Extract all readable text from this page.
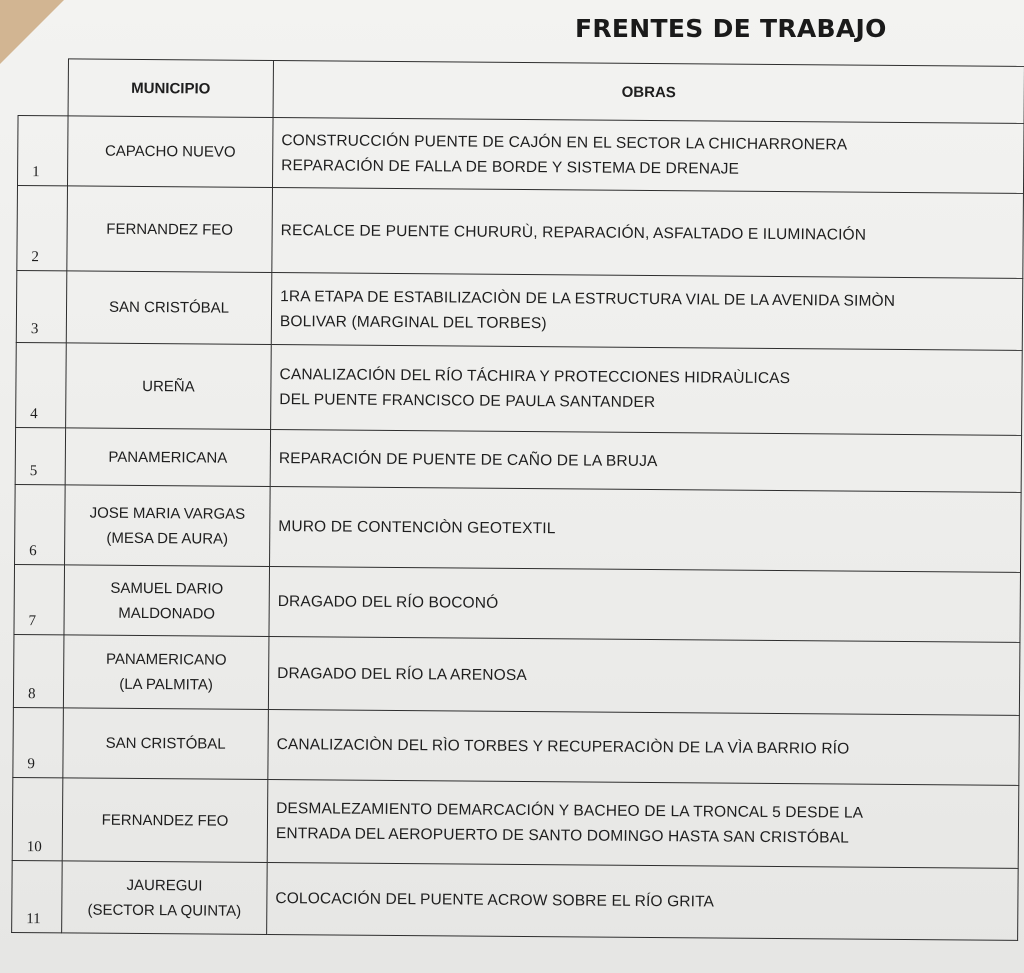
FRENTES DE TRABAJO
	MUNICIPIO	OBRAS

1	CAPACHO NUEVO	CONSTRUCCIÓN PUENTE DE CAJÓN EN EL SECTOR LA CHICHARRONERA
REPARACIÓN DE FALLA DE BORDE Y SISTEMA DE DRENAJE

2	FERNANDEZ FEO	RECALCE DE PUENTE CHURURÙ, REPARACIÓN, ASFALTADO E ILUMINACIÓN

3	SAN CRISTÓBAL	1RA ETAPA DE ESTABILIZACIÒN DE LA ESTRUCTURA VIAL DE LA AVENIDA SIMÒN
BOLIVAR (MARGINAL DEL TORBES)

4	UREÑA	CANALIZACIÓN DEL RÍO TÁCHIRA Y PROTECCIONES HIDRAÙLICAS
DEL PUENTE FRANCISCO DE PAULA SANTANDER

5	PANAMERICANA	REPARACIÓN DE PUENTE DE CAÑO DE LA BRUJA

6	JOSE MARIA VARGAS
(MESA DE AURA)	MURO DE CONTENCIÒN GEOTEXTIL

7	SAMUEL DARIO
MALDONADO	DRAGADO DEL RÍO BOCONÓ

8	PANAMERICANO
(LA PALMITA)	DRAGADO DEL RÍO LA ARENOSA

9	SAN CRISTÓBAL	CANALIZACIÒN DEL RÌO TORBES Y RECUPERACIÒN DE LA VÌA BARRIO RÍO

10	FERNANDEZ FEO	DESMALEZAMIENTO DEMARCACIÓN Y BACHEO DE LA TRONCAL 5 DESDE LA
ENTRADA DEL AEROPUERTO DE SANTO DOMINGO HASTA SAN CRISTÓBAL

11	JAUREGUI
(SECTOR LA QUINTA)	COLOCACIÓN DEL PUENTE ACROW SOBRE EL RÍO GRITA
